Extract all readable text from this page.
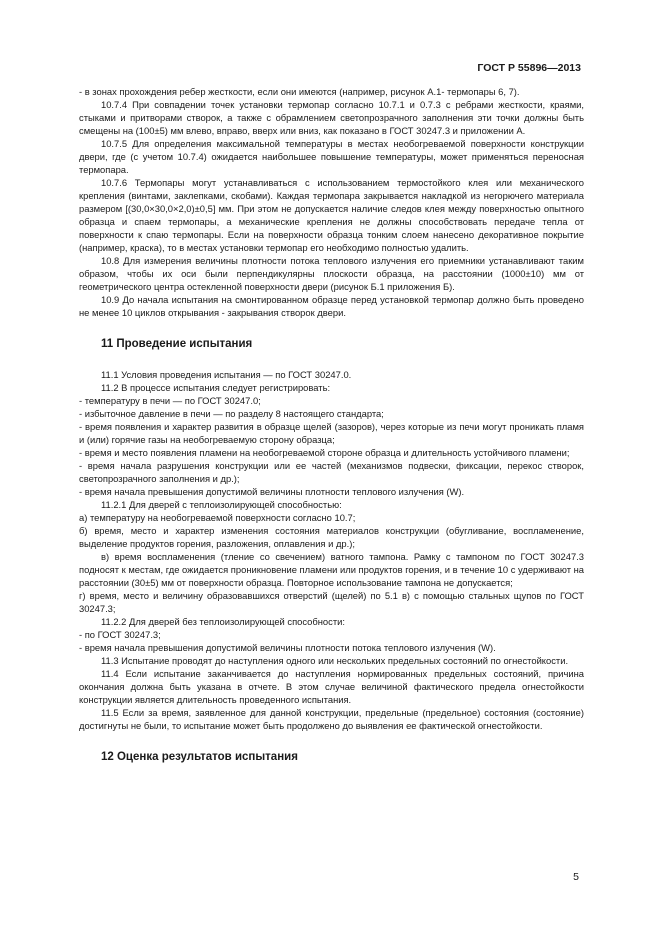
ГОСТ Р 55896—2013

- в зонах прохождения ребер жесткости, если они имеются (например, рисунок А.1- термопары 6, 7).

10.7.4 При совпадении точек установки термопар согласно 10.7.1 и 0.7.3 с ребрами жесткости, краями, стыками и притворами створок, а также с обрамлением светопрозрачного заполнения эти точки должны быть смещены на (100±5) мм влево, вправо, вверх или вниз, как показано в ГОСТ 30247.3 и приложении А.

10.7.5 Для определения максимальной температуры в местах необогреваемой поверхности конструкции двери, где (с учетом 10.7.4) ожидается наибольшее повышение температуры, может применяться переносная термопара.

10.7.6 Термопары могут устанавливаться с использованием термостойкого клея или механического крепления (винтами, заклепками, скобами). Каждая термопара закрывается накладкой из негорючего материала размером [(30,0×30,0×2,0)±0,5] мм. При этом не допускается наличие следов клея между поверхностью опытного образца и спаем термопары, а механические крепления не должны способствовать передаче тепла от поверхности к спаю термопары. Если на поверхности образца тонким слоем нанесено декоративное покрытие (например, краска), то в местах установки термопар его необходимо полностью удалить.

10.8 Для измерения величины плотности потока теплового излучения его приемники устанавливают таким образом, чтобы их оси были перпендикулярны плоскости образца, на расстоянии (1000±10) мм от геометрического центра остекленной поверхности двери (рисунок Б.1 приложения Б).

10.9 До начала испытания на смонтированном образце перед установкой термопар должно быть проведено не менее 10 циклов открывания - закрывания створок двери.

11 Проведение испытания

11.1 Условия проведения испытания — по ГОСТ 30247.0.

11.2 В процессе испытания следует регистрировать:

- температуру в печи — по ГОСТ 30247.0;

- избыточное давление в печи — по разделу 8 настоящего стандарта;

- время появления и характер развития в образце щелей (зазоров), через которые из печи могут проникать пламя и (или) горячие газы на необогреваемую сторону образца;

- время и место появления пламени на необогреваемой стороне образца и длительность устойчивого пламени;

- время начала разрушения конструкции или ее частей (механизмов подвески, фиксации, перекос створок, светопрозрачного заполнения и др.);

- время начала превышения допустимой величины плотности теплового излучения (W).

11.2.1 Для дверей с теплоизолирующей способностью:

а) температуру на необогреваемой поверхности согласно 10.7;

б) время, место и характер изменения состояния материалов конструкции (обугливание, воспламенение, выделение продуктов горения, разложения, оплавления и др.);

в) время воспламенения (тление со свечением) ватного тампона. Рамку с тампоном по ГОСТ 30247.3 подносят к местам, где ожидается проникновение пламени или продуктов горения, и в течение 10 с удерживают на расстоянии (30±5) мм от поверхности образца. Повторное использование тампона не допускается;

г) время, место и величину образовавшихся отверстий (щелей) по 5.1 в) с помощью стальных щупов по ГОСТ 30247.3;

11.2.2 Для дверей без теплоизолирующей способности:

- по ГОСТ 30247.3;

- время начала превышения допустимой величины плотности потока теплового излучения (W).

11.3 Испытание проводят до наступления одного или нескольких предельных состояний по огнестойкости.

11.4 Если испытание заканчивается до наступления нормированных предельных состояний, причина окончания должна быть указана в отчете. В этом случае величиной фактического предела огнестойкости конструкции является длительность проведенного испытания.

11.5 Если за время, заявленное для данной конструкции, предельные (предельное) состояния (состояние) достигнуты не были, то испытание может быть продолжено до выявления ее фактической огнестойкости.

12 Оценка результатов испытания
5
